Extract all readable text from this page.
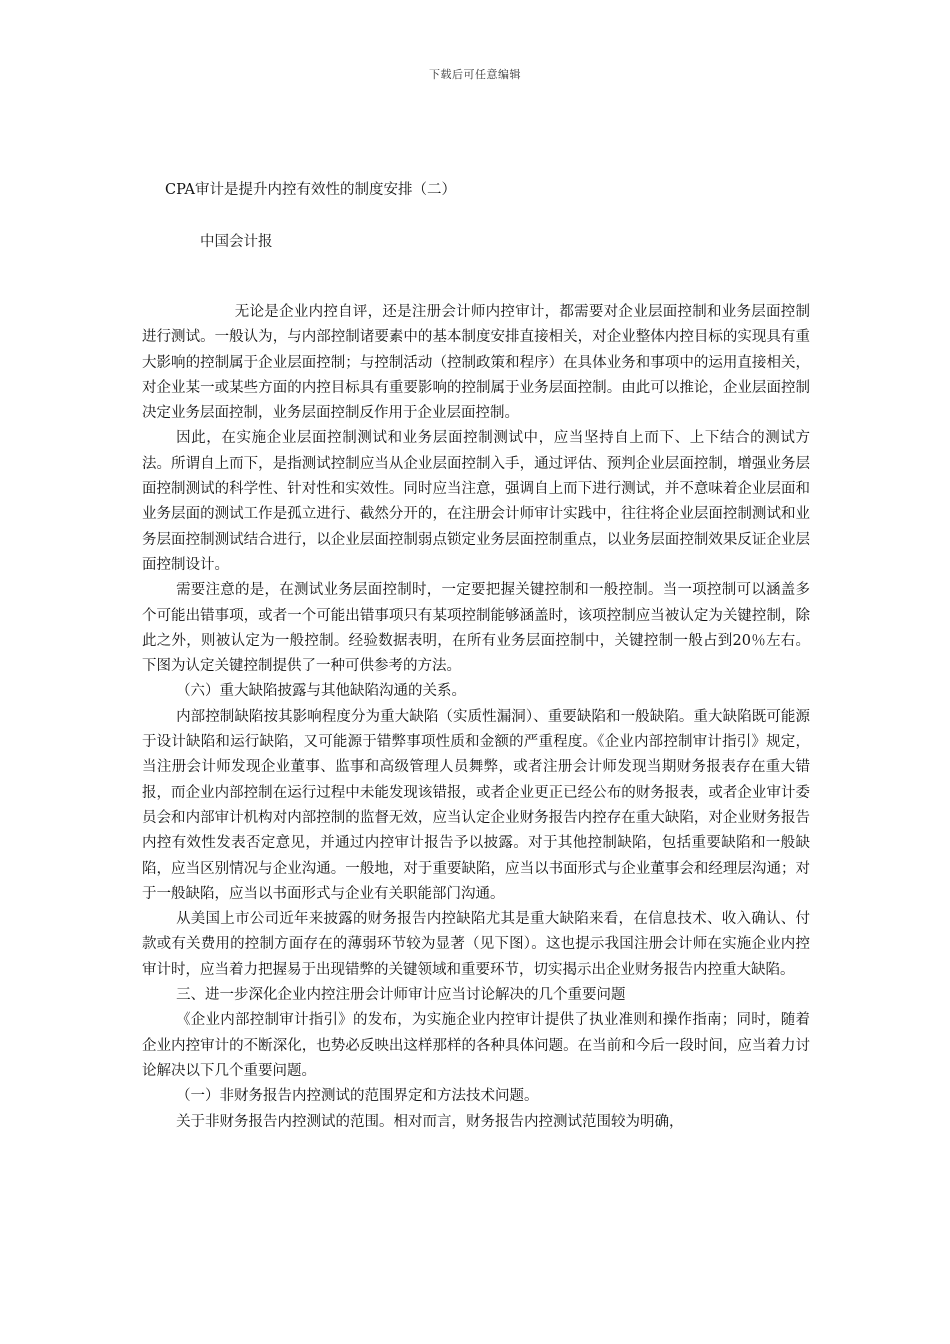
下载后可任意编辑
CPA审计是提升内控有效性的制度安排（二）
中国会计报

无论是企业内控自评，还是注册会计师内控审计，都需要对企业层面控制和业务层面控制进行测试。一般认为，与内部控制诸要素中的基本制度安排直接相关，对企业整体内控目标的实现具有重大影响的控制属于企业层面控制；与控制活动（控制政策和程序）在具体业务和事项中的运用直接相关，对企业某一或某些方面的内控目标具有重要影响的控制属于业务层面控制。由此可以推论，企业层面控制决定业务层面控制，业务层面控制反作用于企业层面控制。

因此，在实施企业层面控制测试和业务层面控制测试中，应当坚持自上而下、上下结合的测试方法。所谓自上而下，是指测试控制应当从企业层面控制入手，通过评估、预判企业层面控制，增强业务层面控制测试的科学性、针对性和实效性。同时应当注意，强调自上而下进行测试，并不意味着企业层面和业务层面的测试工作是孤立进行、截然分开的，在注册会计师审计实践中，往往将企业层面控制测试和业务层面控制测试结合进行，以企业层面控制弱点锁定业务层面控制重点，以业务层面控制效果反证企业层面控制设计。

需要注意的是，在测试业务层面控制时，一定要把握关键控制和一般控制。当一项控制可以涵盖多个可能出错事项，或者一个可能出错事项只有某项控制能够涵盖时，该项控制应当被认定为关键控制，除此之外，则被认定为一般控制。经验数据表明，在所有业务层面控制中，关键控制一般占到20％左右。下图为认定关键控制提供了一种可供参考的方法。

（六）重大缺陷披露与其他缺陷沟通的关系。

内部控制缺陷按其影响程度分为重大缺陷（实质性漏洞）、重要缺陷和一般缺陷。重大缺陷既可能源于设计缺陷和运行缺陷，又可能源于错弊事项性质和金额的严重程度。《企业内部控制审计指引》规定，当注册会计师发现企业董事、监事和高级管理人员舞弊，或者注册会计师发现当期财务报表存在重大错报，而企业内部控制在运行过程中未能发现该错报，或者企业更正已经公布的财务报表，或者企业审计委员会和内部审计机构对内部控制的监督无效，应当认定企业财务报告内控存在重大缺陷，对企业财务报告内控有效性发表否定意见，并通过内控审计报告予以披露。对于其他控制缺陷，包括重要缺陷和一般缺陷，应当区别情况与企业沟通。一般地，对于重要缺陷，应当以书面形式与企业董事会和经理层沟通；对于一般缺陷，应当以书面形式与企业有关职能部门沟通。

从美国上市公司近年来披露的财务报告内控缺陷尤其是重大缺陷来看，在信息技术、收入确认、付款或有关费用的控制方面存在的薄弱环节较为显著（见下图）。这也提示我国注册会计师在实施企业内控审计时，应当着力把握易于出现错弊的关键领域和重要环节，切实揭示出企业财务报告内控重大缺陷。

三、进一步深化企业内控注册会计师审计应当讨论解决的几个重要问题

《企业内部控制审计指引》的发布，为实施企业内控审计提供了执业准则和操作指南；同时，随着企业内控审计的不断深化，也势必反映出这样那样的各种具体问题。在当前和今后一段时间，应当着力讨论解决以下几个重要问题。

（一）非财务报告内控测试的范围界定和方法技术问题。

关于非财务报告内控测试的范围。相对而言，财务报告内控测试范围较为明确，
